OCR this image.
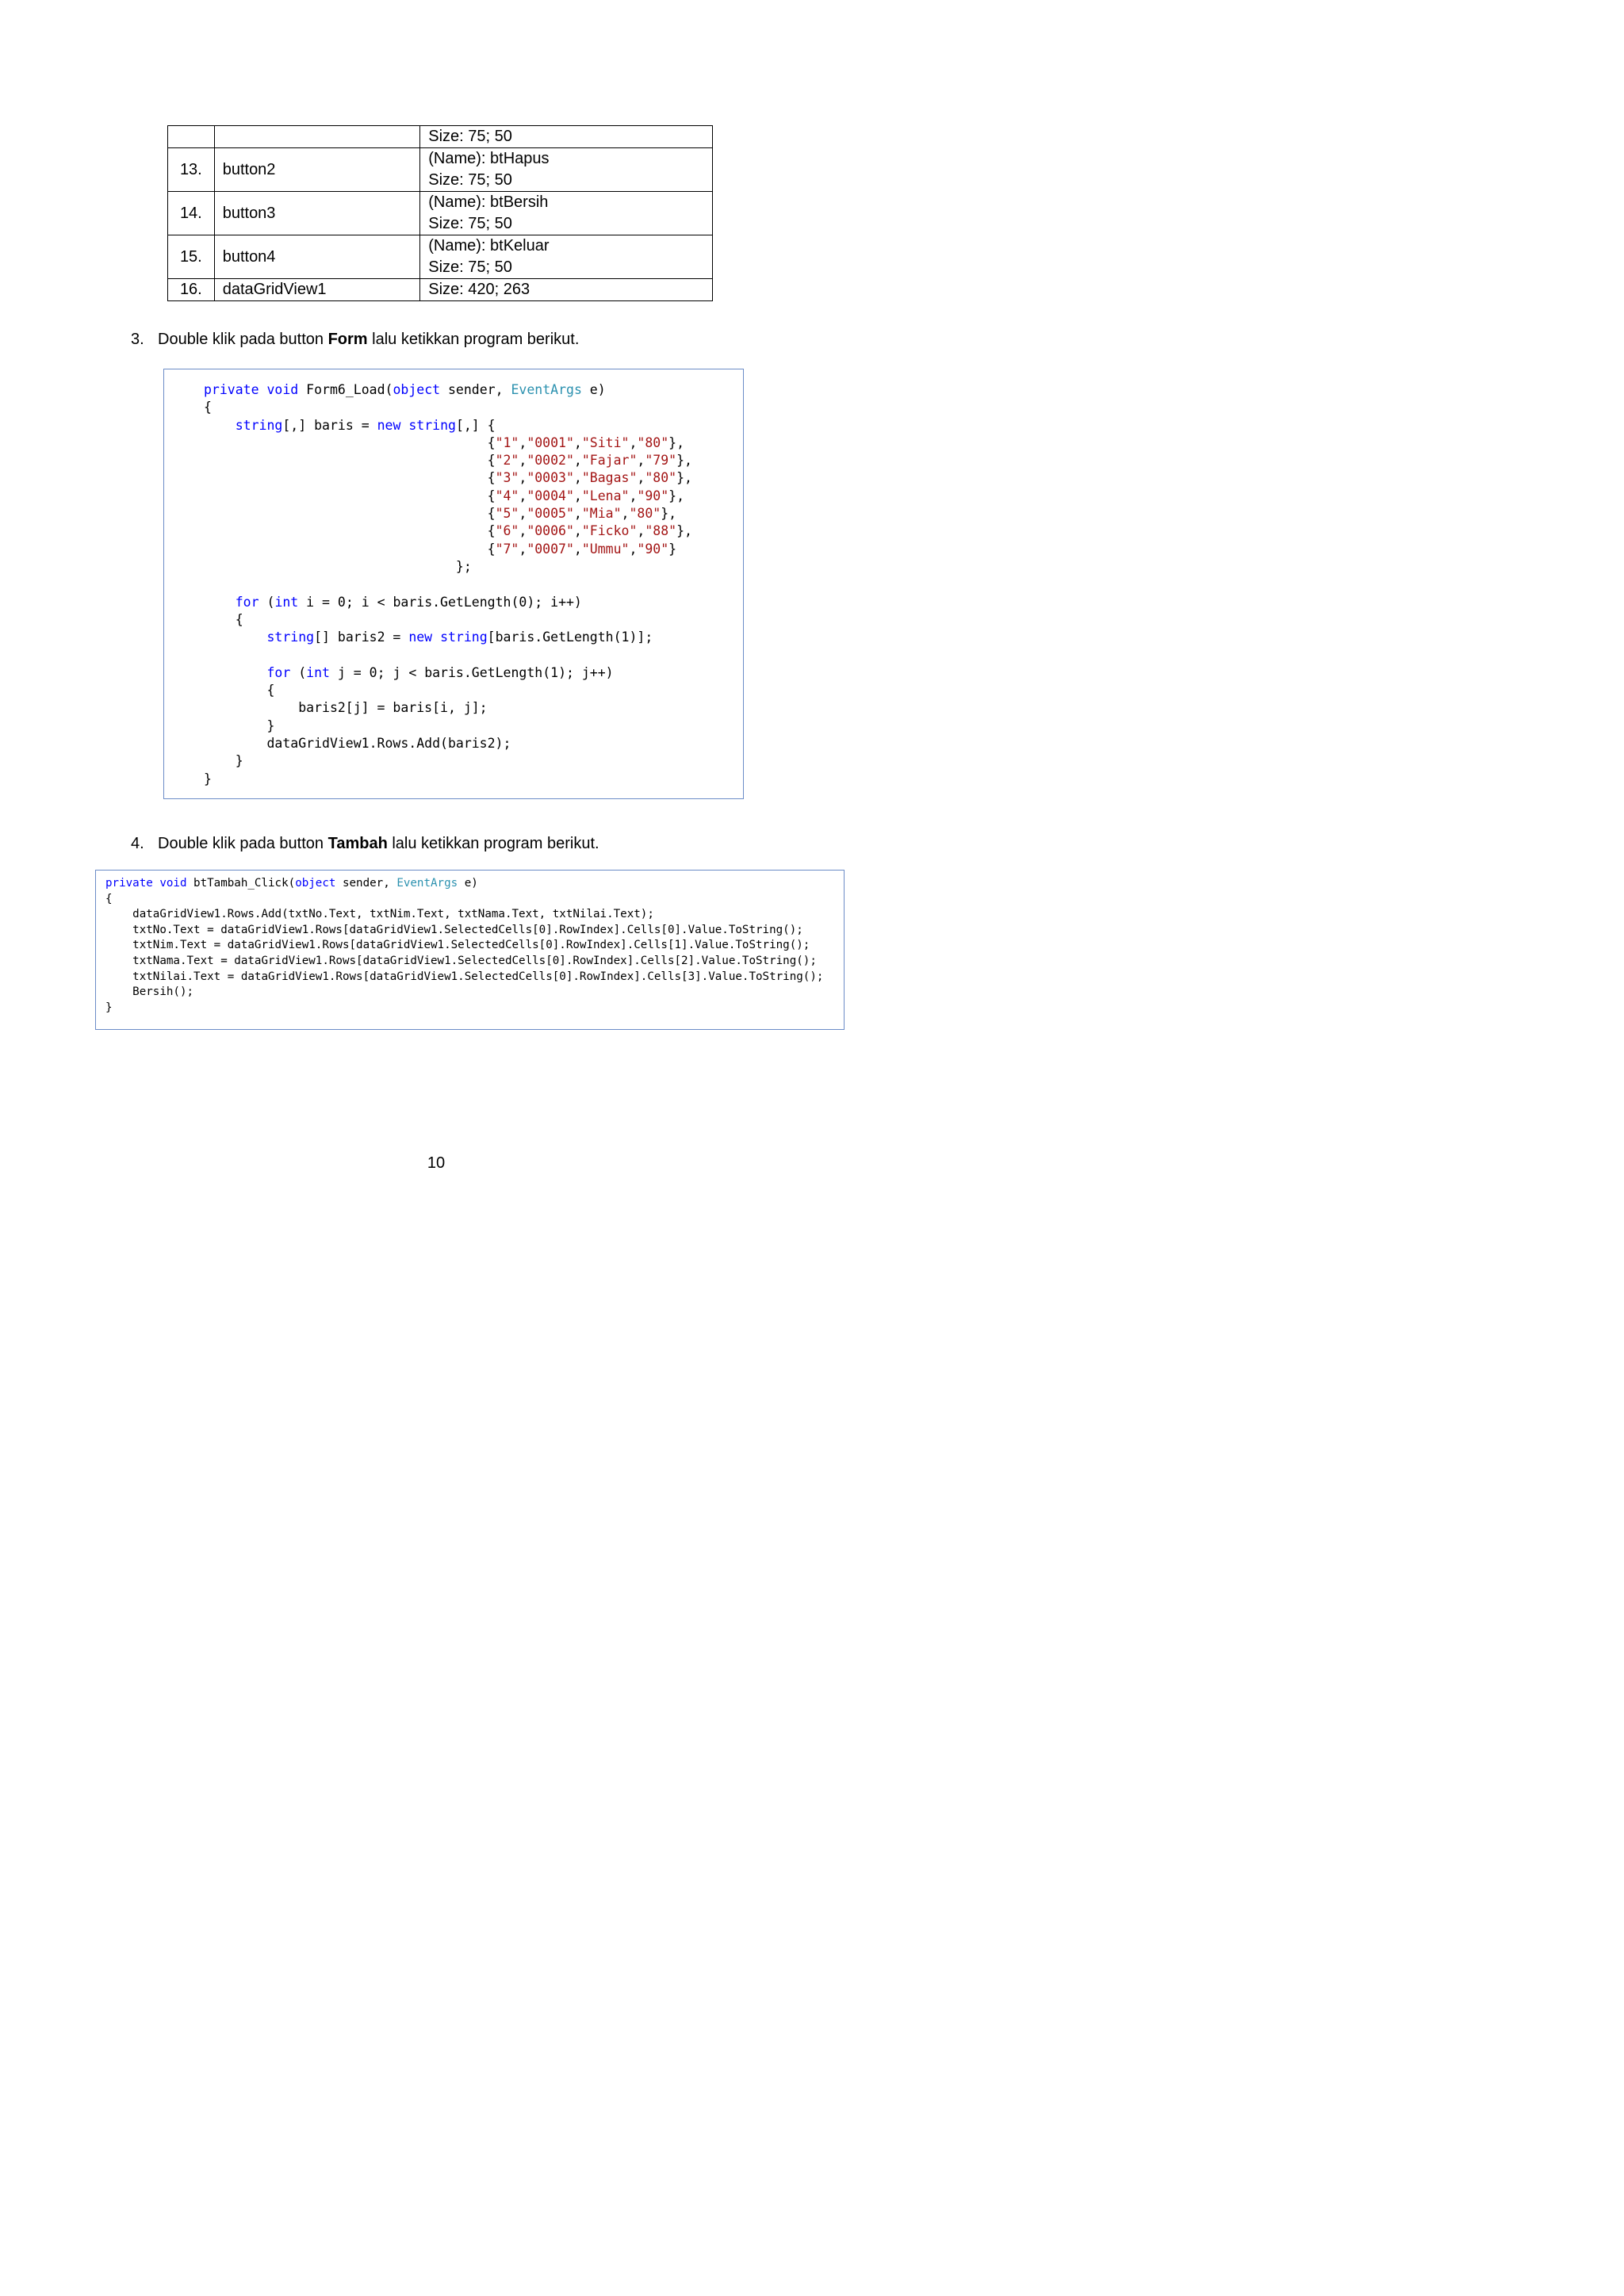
		Size: 75; 50

13.	button2	(Name): btHapus
Size: 75; 50

14.	button3	(Name): btBersih
Size: 75; 50

15.	button4	(Name): btKeluar
Size: 75; 50

16.	dataGridView1	Size: 420; 263
3. Double klik pada button Form lalu ketikkan program berikut.
private void Form6_Load(object sender, EventArgs e)
{
string[,] baris = new string[,] {
{"1","0001","Siti","80"},
{"2","0002","Fajar","79"},
{"3","0003","Bagas","80"},
{"4","0004","Lena","90"},
{"5","0005","Mia","80"},
{"6","0006","Ficko","88"},
{"7","0007","Ummu","90"}
};

for (int i = 0; i < baris.GetLength(0); i++)
{
string[] baris2 = new string[baris.GetLength(1)];

for (int j = 0; j < baris.GetLength(1); j++)
{
baris2[j] = baris[i, j];
}
dataGridView1.Rows.Add(baris2);
}
}
4. Double klik pada button Tambah lalu ketikkan program berikut.
private void btTambah_Click(object sender, EventArgs e)
{
dataGridView1.Rows.Add(txtNo.Text, txtNim.Text, txtNama.Text, txtNilai.Text);
txtNo.Text = dataGridView1.Rows[dataGridView1.SelectedCells[0].RowIndex].Cells[0].Value.ToString();
txtNim.Text = dataGridView1.Rows[dataGridView1.SelectedCells[0].RowIndex].Cells[1].Value.ToString();
txtNama.Text = dataGridView1.Rows[dataGridView1.SelectedCells[0].RowIndex].Cells[2].Value.ToString();
txtNilai.Text = dataGridView1.Rows[dataGridView1.SelectedCells[0].RowIndex].Cells[3].Value.ToString();
Bersih();
}
10
